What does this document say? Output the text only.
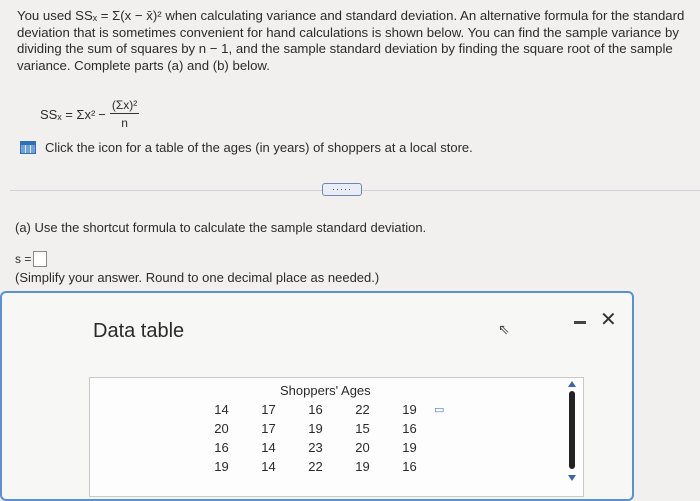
You used SSₓ = Σ(x − x̄)² when calculating variance and standard deviation. An alternative formula for the standard deviation that is sometimes convenient for hand calculations is shown below. You can find the sample variance by dividing the sum of squares by n − 1, and the sample standard deviation by finding the square root of the sample variance. Complete parts (a) and (b) below.

$SS_x = \Sigma x^2 - \frac{\text{(Σx)²}}{n}$
Click the icon for a table of the ages (in years) of shoppers at a local store.
·····
(a) Use the shortcut formula to calculate the sample standard deviation.
s =
(Simplify your answer. Round to one decimal place as needed.)
Data table	⇖	✕
Shoppers' Ages
14	17	16	22	19
20	17	19	15	16
16	14	23	20	19
19	14	22	19	16
▭
